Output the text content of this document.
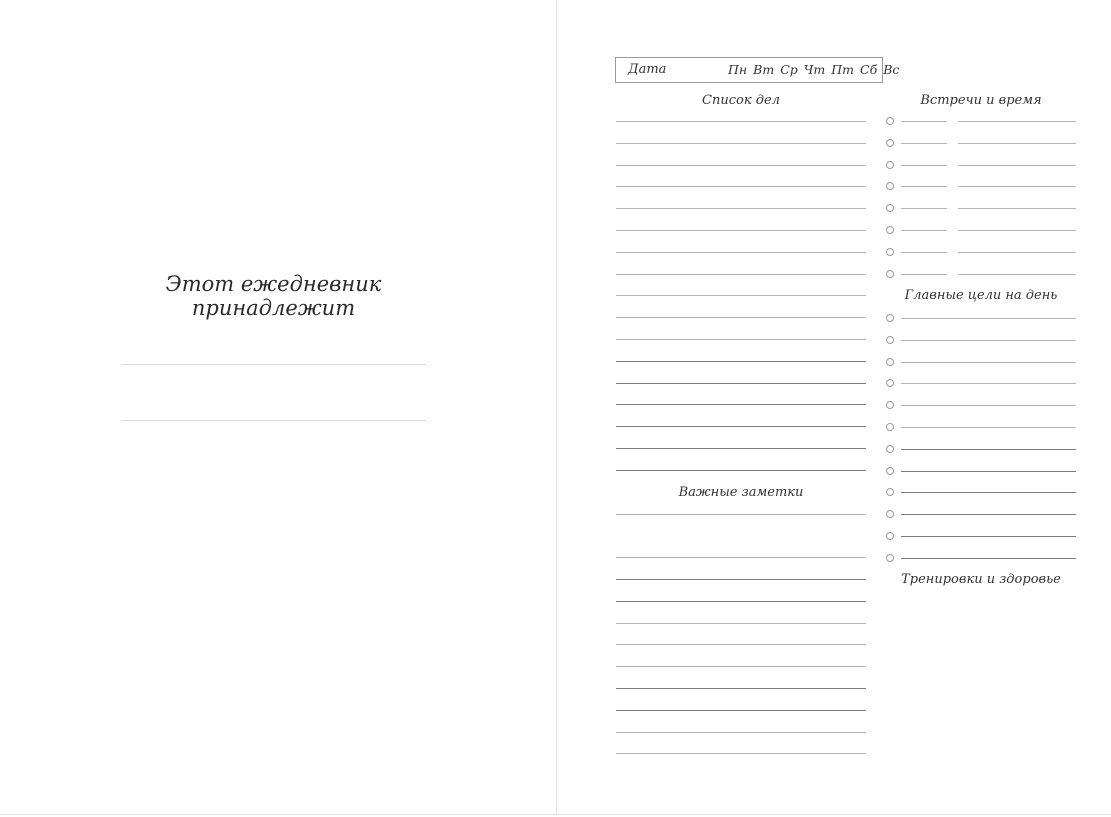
Этот ежедневник принадлежит
Дата	Пн Вт Ср Чт Пт Сб Вс
Список дел	Встречи и время
Главные цели на день
Важные заметки
Тренировки и здоровье
